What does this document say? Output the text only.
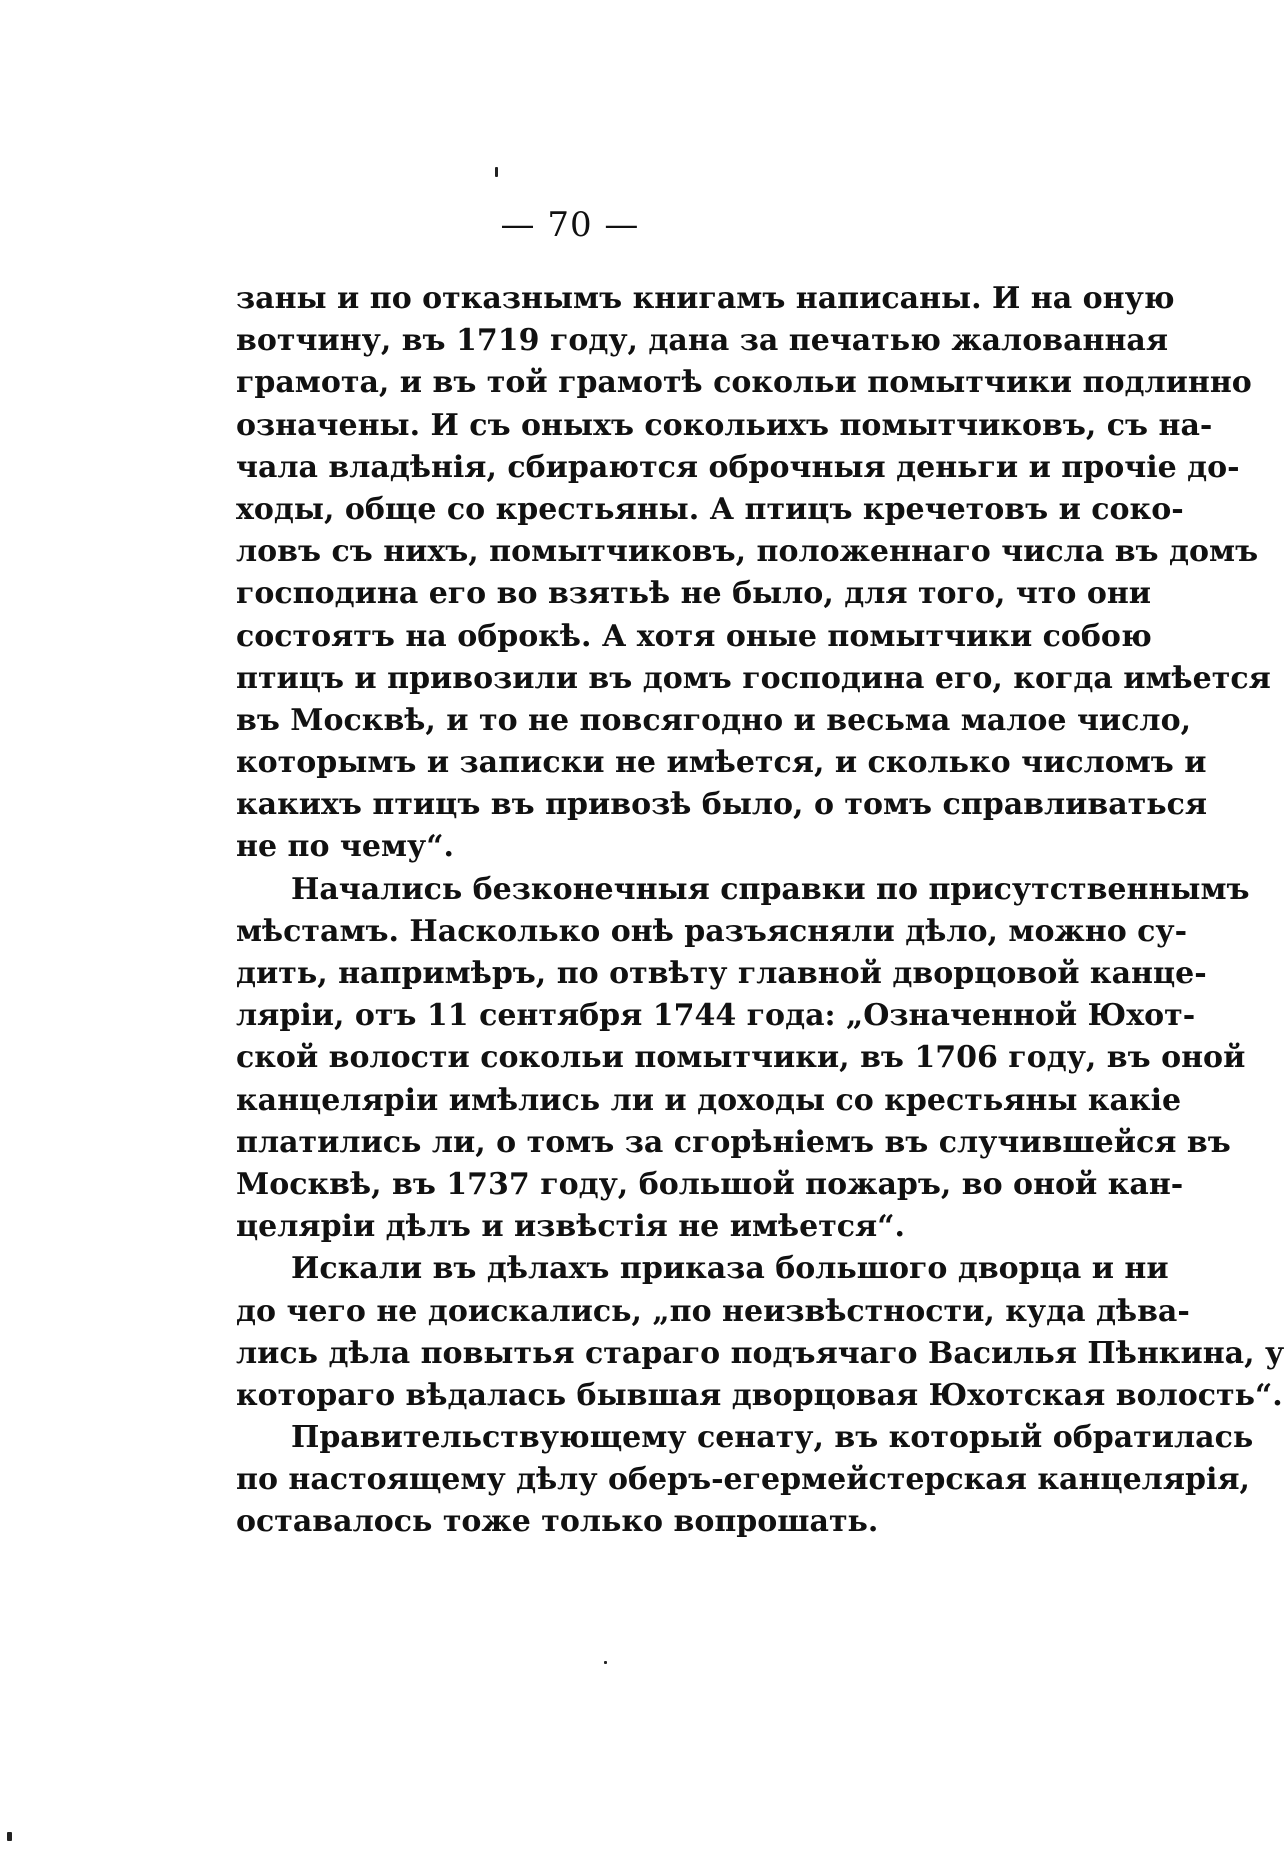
— 70 —
заны и по отказнымъ книгамъ написаны. И на оную
вотчину, въ 1719 году, дана за печатью жалованная
грамота, и въ той грамотѣ сокольи помытчики подлинно
означены. И съ оныхъ сокольихъ помытчиковъ, съ на-
чала владѣнія, сбираются оброчныя деньги и прочіе до-
ходы, обще со крестьяны. А птицъ кречетовъ и соко-
ловъ съ нихъ, помытчиковъ, положеннаго числа въ домъ
господина его во взятьѣ не было, для того, что они
состоятъ на оброкѣ. А хотя оные помытчики собою
птицъ и привозили въ домъ господина его, когда имѣется
въ Москвѣ, и то не повсягодно и весьма малое число,
которымъ и записки не имѣется, и сколько числомъ и
какихъ птицъ въ привозѣ было, о томъ справливаться
не по чему“.
Начались безконечныя справки по присутственнымъ
мѣстамъ. Насколько онѣ разъясняли дѣло, можно су-
дить, напримѣръ, по отвѣту главной дворцовой канце-
ляріи, отъ 11 сентября 1744 года: „Означенной Юхот-
ской волости сокольи помытчики, въ 1706 году, въ оной
канцеляріи имѣлись ли и доходы со крестьяны какіе
платились ли, о томъ за сгорѣніемъ въ случившейся въ
Москвѣ, въ 1737 году, большой пожаръ, во оной кан-
целяріи дѣлъ и извѣстія не имѣется“.
Искали въ дѣлахъ приказа большого дворца и ни
до чего не доискались, „по неизвѣстности, куда дѣва-
лись дѣла повытья стараго подъячаго Василья Пѣнкина, у
котораго вѣдалась бывшая дворцовая Юхотская волость“.
Правительствующему сенату, въ который обратилась
по настоящему дѣлу оберъ-егермейстерская канцелярія,
оставалось тоже только вопрошать.
